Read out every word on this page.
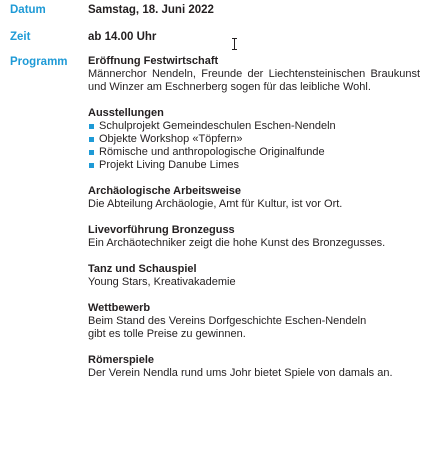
Datum	Samstag, 18. Juni 2022
Zeit	ab 14.00 Uhr
Programm Eröffnung Festwirtschaft
Männerchor Nendeln, Freunde der Liechtensteinischen Braukunst und Winzer am Eschnerberg sogen für das leibliche Wohl.
Ausstellungen
Schulprojekt Gemeindeschulen Eschen-Nendeln
Objekte Workshop «Töpfern»
Römische und anthropologische Originalfunde
Projekt Living Danube Limes
Archäologische Arbeitsweise
Die Abteilung Archäologie, Amt für Kultur, ist vor Ort.
Livevorführung Bronzeguss
Ein Archäotechniker zeigt die hohe Kunst des Bronzegusses.
Tanz und Schauspiel
Young Stars, Kreativakademie
Wettbewerb
Beim Stand des Vereins Dorfgeschichte Eschen-Nendeln gibt es tolle Preise zu gewinnen.
Römerspiele
Der Verein Nendla rund ums Johr bietet Spiele von damals an.
